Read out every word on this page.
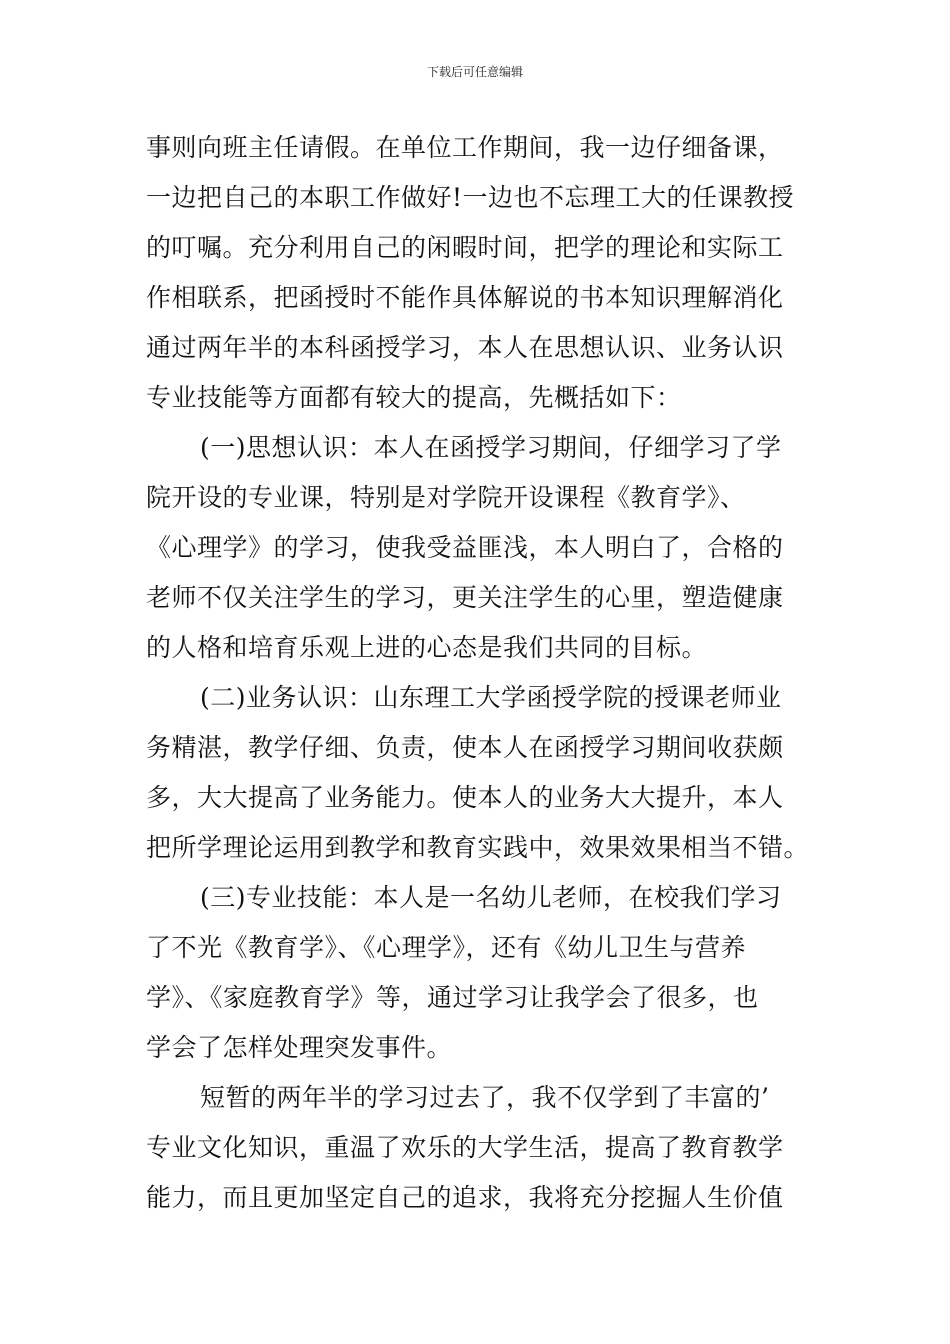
下载后可任意编辑
事则向班主任请假。在单位工作期间，我一边仔细备课，
一边把自己的本职工作做好!一边也不忘理工大的任课教授
的叮嘱。充分利用自己的闲暇时间，把学的理论和实际工
作相联系，把函授时不能作具体解说的书本知识理解消化
通过两年半的本科函授学习，本人在思想认识、业务认识
专业技能等方面都有较大的提高，先概括如下：
(一)思想认识：本人在函授学习期间，仔细学习了学
院开设的专业课，特别是对学院开设课程《教育学》、
《心理学》的学习，使我受益匪浅，本人明白了，合格的
老师不仅关注学生的学习，更关注学生的心里，塑造健康
的人格和培育乐观上进的心态是我们共同的目标。
(二)业务认识：山东理工大学函授学院的授课老师业
务精湛，教学仔细、负责，使本人在函授学习期间收获颇
多，大大提高了业务能力。使本人的业务大大提升，本人
把所学理论运用到教学和教育实践中，效果效果相当不错。
(三)专业技能：本人是一名幼儿老师，在校我们学习
了不光《教育学》、《心理学》，还有《幼儿卫生与营养
学》、《家庭教育学》等，通过学习让我学会了很多，也
学会了怎样处理突发事件。
短暂的两年半的学习过去了，我不仅学到了丰富的’
专业文化知识，重温了欢乐的大学生活，提高了教育教学
能力，而且更加坚定自己的追求，我将充分挖掘人生价值
